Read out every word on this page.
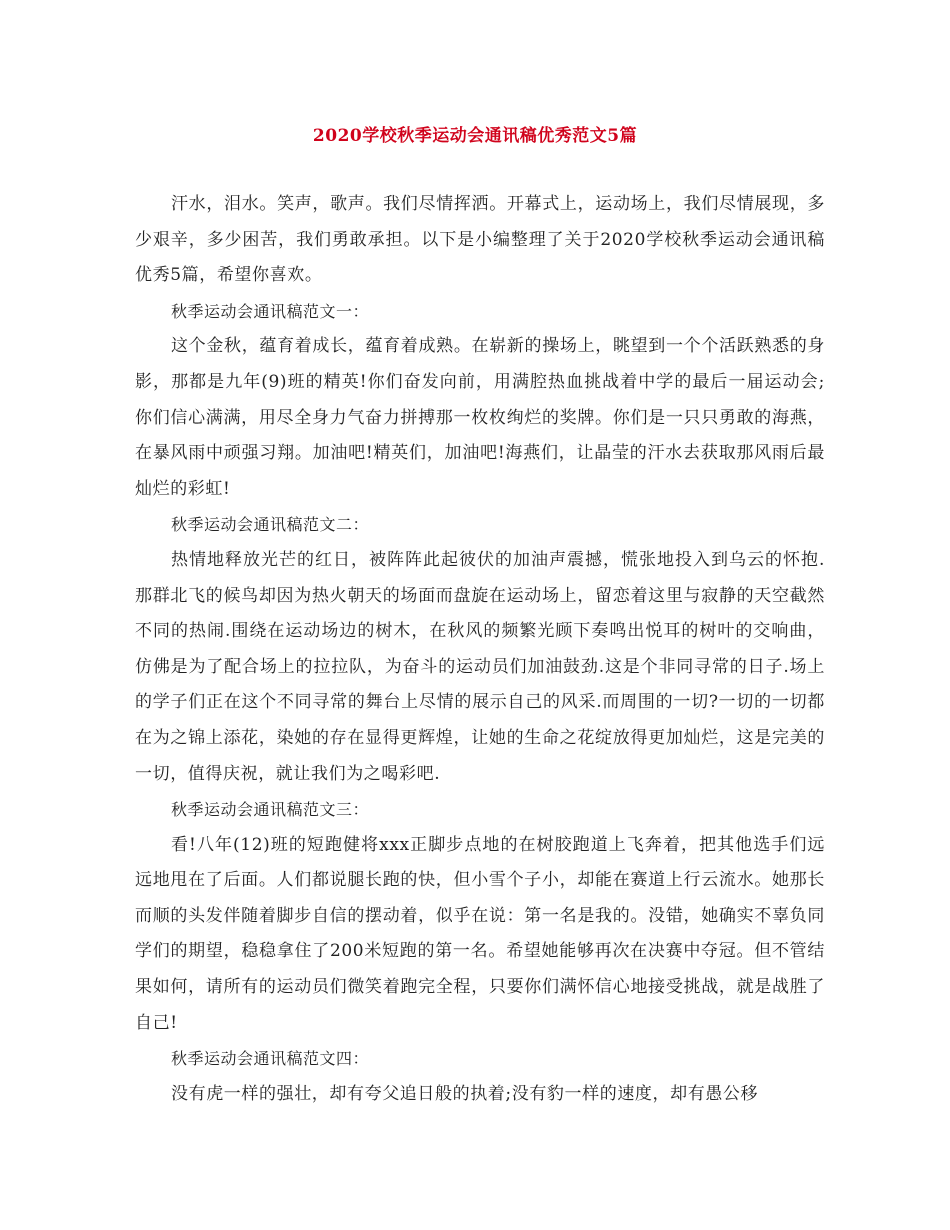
2020学校秋季运动会通讯稿优秀范文5篇

汗水，泪水。笑声，歌声。我们尽情挥洒。开幕式上，运动场上，我们尽情展现，多少艰辛，多少困苦，我们勇敢承担。以下是小编整理了关于2020学校秋季运动会通讯稿优秀5篇，希望你喜欢。

秋季运动会通讯稿范文一：

这个金秋，蕴育着成长，蕴育着成熟。在崭新的操场上，眺望到一个个活跃熟悉的身影，那都是九年(9)班的精英!你们奋发向前，用满腔热血挑战着中学的最后一届运动会;你们信心满满，用尽全身力气奋力拼搏那一枚枚绚烂的奖牌。你们是一只只勇敢的海燕，在暴风雨中顽强习翔。加油吧!精英们，加油吧!海燕们，让晶莹的汗水去获取那风雨后最灿烂的彩虹!

秋季运动会通讯稿范文二：

热情地释放光芒的红日，被阵阵此起彼伏的加油声震撼，慌张地投入到乌云的怀抱.那群北飞的候鸟却因为热火朝天的场面而盘旋在运动场上，留恋着这里与寂静的天空截然不同的热闹.围绕在运动场边的树木，在秋风的频繁光顾下奏鸣出悦耳的树叶的交响曲，仿佛是为了配合场上的拉拉队，为奋斗的运动员们加油鼓劲.这是个非同寻常的日子.场上的学子们正在这个不同寻常的舞台上尽情的展示自己的风采.而周围的一切?一切的一切都在为之锦上添花，染她的存在显得更辉煌，让她的生命之花绽放得更加灿烂，这是完美的一切，值得庆祝，就让我们为之喝彩吧.

秋季运动会通讯稿范文三：

看!八年(12)班的短跑健将xxx正脚步点地的在树胶跑道上飞奔着，把其他选手们远远地甩在了后面。人们都说腿长跑的快，但小雪个子小，却能在赛道上行云流水。她那长而顺的头发伴随着脚步自信的摆动着，似乎在说：第一名是我的。没错，她确实不辜负同学们的期望，稳稳拿住了200米短跑的第一名。希望她能够再次在决赛中夺冠。但不管结果如何，请所有的运动员们微笑着跑完全程，只要你们满怀信心地接受挑战，就是战胜了自己!

秋季运动会通讯稿范文四：

没有虎一样的强壮，却有夸父追日般的执着;没有豹一样的速度，却有愚公移
